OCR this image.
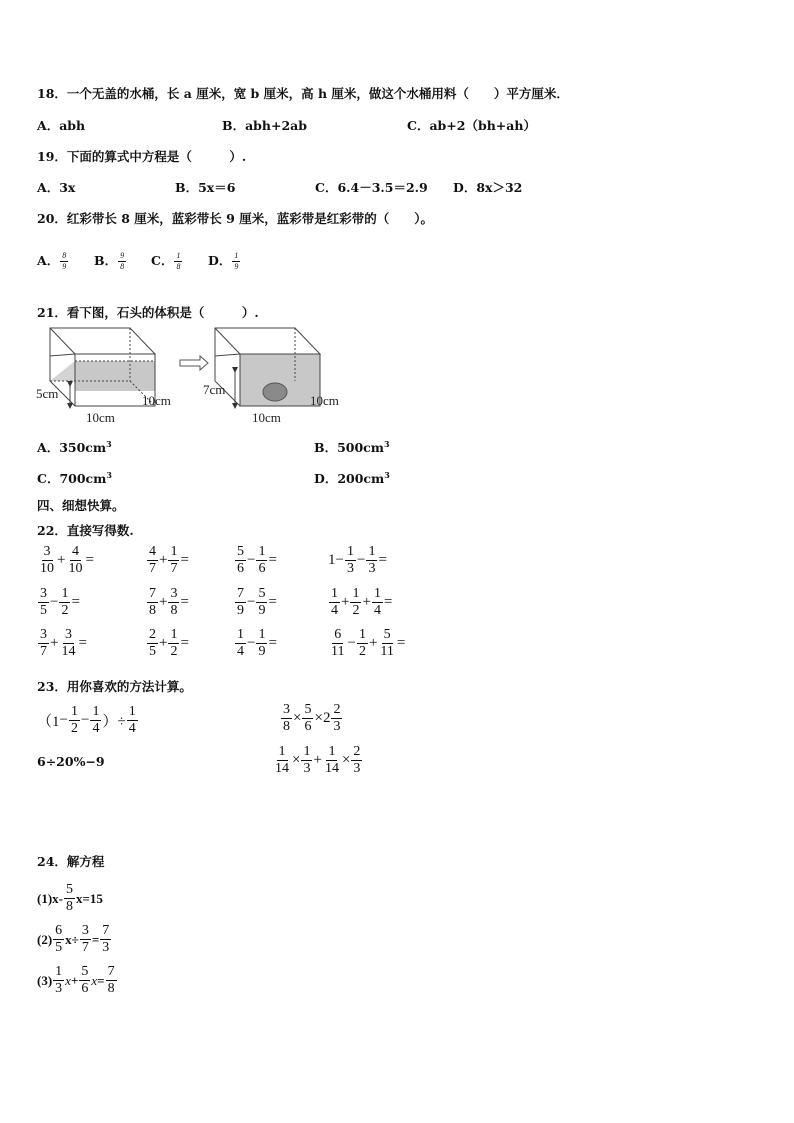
18．一个无盖的水桶，长 a 厘米，宽 b 厘米，高 h 厘米，做这个水桶用料（　　）平方厘米．
A．abh	B．abh+2ab	C．ab+2（bh+ah）
19．下面的算式中方程是（　　　）.
A．3x	B．5x＝6	C．6.4－3.5＝2.9 D．8x＞32
20．红彩带长 8 厘米，蓝彩带长 9 厘米，蓝彩带是红彩带的（　　）。
A． $\frac{8}{9}$ B． $\frac{9}{8}$ C． $\frac{1}{8}$ D． $\frac{1}{9}$
21．看下图，石头的体积是（　　　）.
5cm
10cm
10cm
7cm
10cm
10cm
A．$350cm^3$	B．$500cm^3$
C．$700cm^3$	D．$200cm^3$
四、细想快算。
22．直接写得数.
23．用你喜欢的方法计算。
（$1 - \frac{1}{2} - \frac{1}{4}$ ）÷ $\frac{1}{4}$	$\frac{3}{8} \times \frac{5}{6} \times 2 \frac{2}{3}$
6÷20%−9	$\frac{1}{14} \times \frac{1}{3} + \frac{1}{14} \times \frac{2}{3}$
24．解方程
$(1)x- \frac{5}{8} x=15$
$(2) \frac{6}{5} x\div \frac{3}{7} = \frac{7}{3}$
$(3) \frac{1}{3}$ $x + \frac{5}{6}$ $x = \frac{7}{8}$
$\frac{3}{10} + \frac{4}{10}$ =	$\frac{4}{7} + \frac{1}{7}$ =	$\frac{5}{6} - \frac{1}{6}$ =	$1 - \frac{1}{3} - \frac{1}{3}$ =
$\frac{3}{5} - \frac{1}{2}$ =	$\frac{7}{8} + \frac{3}{8}$ =	$\frac{7}{9} - \frac{5}{9}$ =	$\frac{1}{4} + \frac{1}{2} + \frac{1}{4}$ =
$\frac{3}{7} + \frac{3}{14}$ =	$\frac{2}{5} + \frac{1}{2}$ =	$\frac{1}{4} - \frac{1}{9}$ =	$\frac{6}{11} - \frac{1}{2} + \frac{5}{11}$ =
